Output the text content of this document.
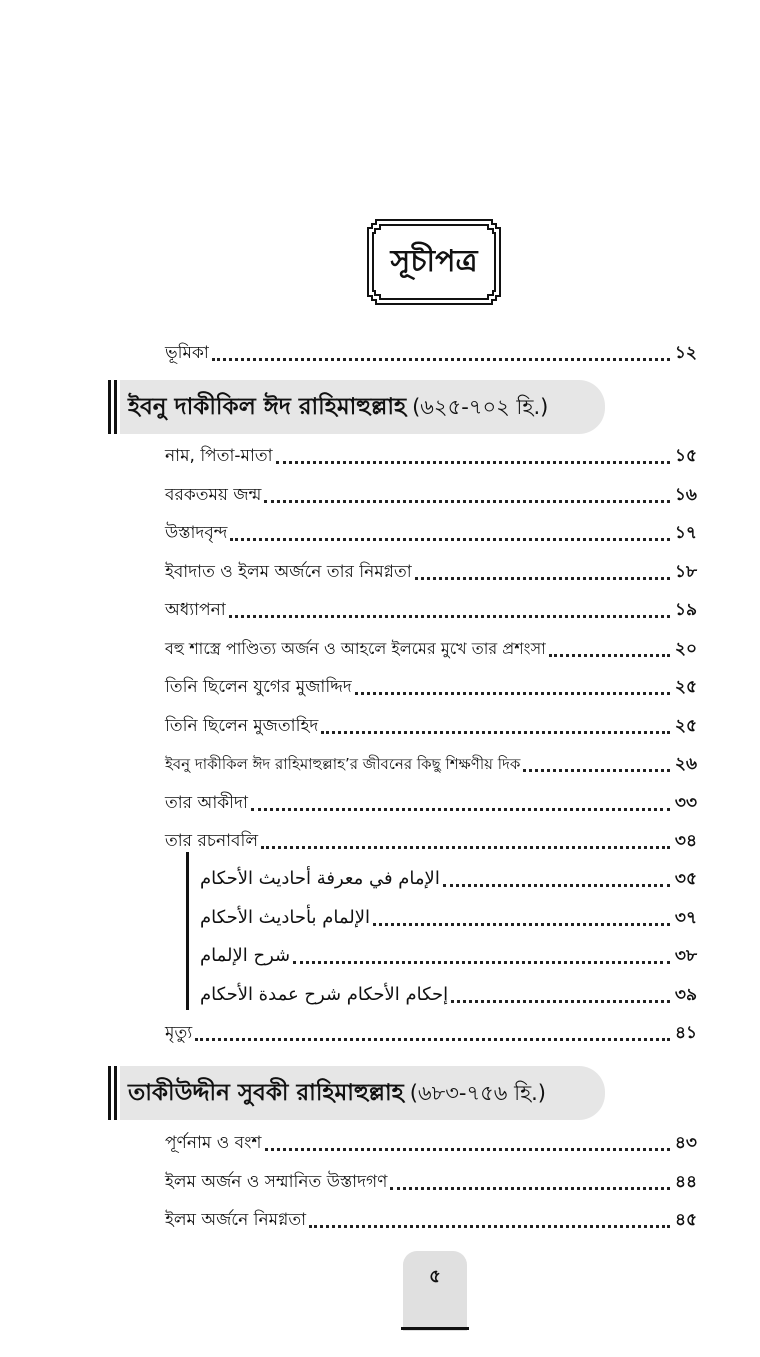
সূচীপত্র
ভূমিকা	১২
ইবনু দাকীকিল ঈদ রাহিমাহুল্লাহ (৬২৫-৭০২ হি.)
নাম, পিতা-মাতা	১৫
বরকতময় জন্ম	১৬
উস্তাদবৃন্দ	১৭
ইবাদাত ও ইলম অর্জনে তার নিমগ্নতা	১৮
অধ্যাপনা	১৯
বহু শাস্ত্রে পাণ্ডিত্য অর্জন ও আহলে ইলমের মুখে তার প্রশংসা	২০
তিনি ছিলেন যুগের মুজাদ্দিদ	২৫
তিনি ছিলেন মুজতাহিদ	২৫
ইবনু দাকীকিল ঈদ রাহিমাহুল্লাহ’র জীবনের কিছু শিক্ষণীয় দিক	২৬
তার আকীদা	৩৩
তার রচনাবলি	৩৪
الإمام في معرفة أحاديث الأحكام	৩৫
الإلمام بأحاديث الأحكام	৩৭
شرح الإلمام	৩৮
إحكام الأحكام شرح عمدة الأحكام	৩৯
মৃত্যু	৪১
তাকীউদ্দীন সুবকী রাহিমাহুল্লাহ (৬৮৩-৭৫৬ হি.)
পূর্ণনাম ও বংশ	৪৩
ইলম অর্জন ও সম্মানিত উস্তাদগণ	৪৪
ইলম অর্জনে নিমগ্নতা	৪৫
৫
